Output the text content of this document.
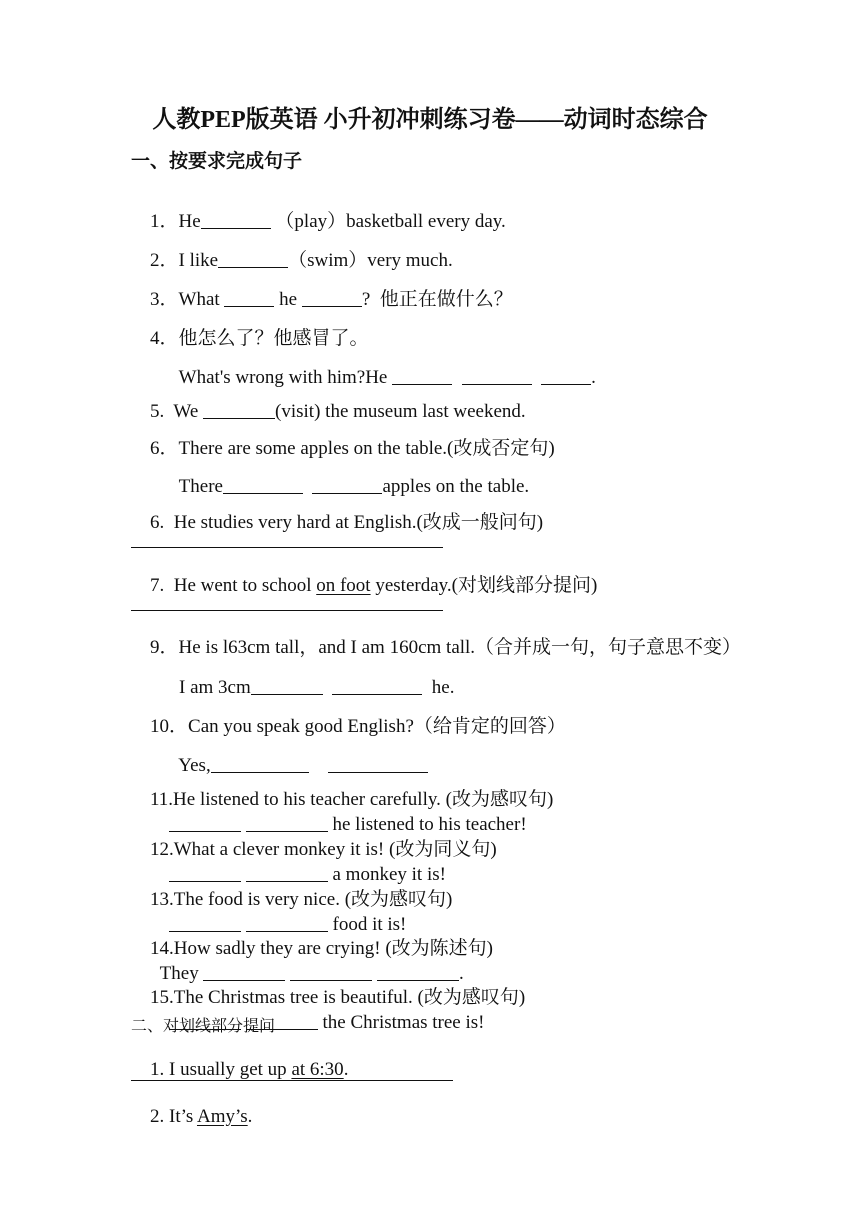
人教PEP版英语 小升初冲刺练习卷——动词时态综合
一、按要求完成句子

1．He	（play）basketball every day.

2．I like	（swim）very much.

3．What	he	?  他正在做什么？

4．他怎么了？他感冒了。

What's wrong with him?He	.

5.  We	(visit) the museum last weekend.

6．There are some apples on the table.(改成否定句)

There	apples on the table.

6.  He studies very hard at English.(改成一般问句)

7.  He went to school on foot yesterday.(对划线部分提问)

9．He is l63cm tall，and I am 160cm tall.（合并成一句，句子意思不变）

I am 3cm	he.

10．Can you speak good English?（给肯定的回答）

Yes,

11.He listened to his teacher carefully. (改为感叹句)

he listened to his teacher!

12.What a clever monkey it is! (改为同义句)

a monkey it is!

13.The food is very nice. (改为感叹句)

food it is!

14.How sadly they are crying! (改为陈述句)

They	.

15.The Christmas tree is beautiful. (改为感叹句)

the Christmas tree is!

二、对划线部分提问

1. I usually get up at 6:30.

2. It’s Amy’s.
